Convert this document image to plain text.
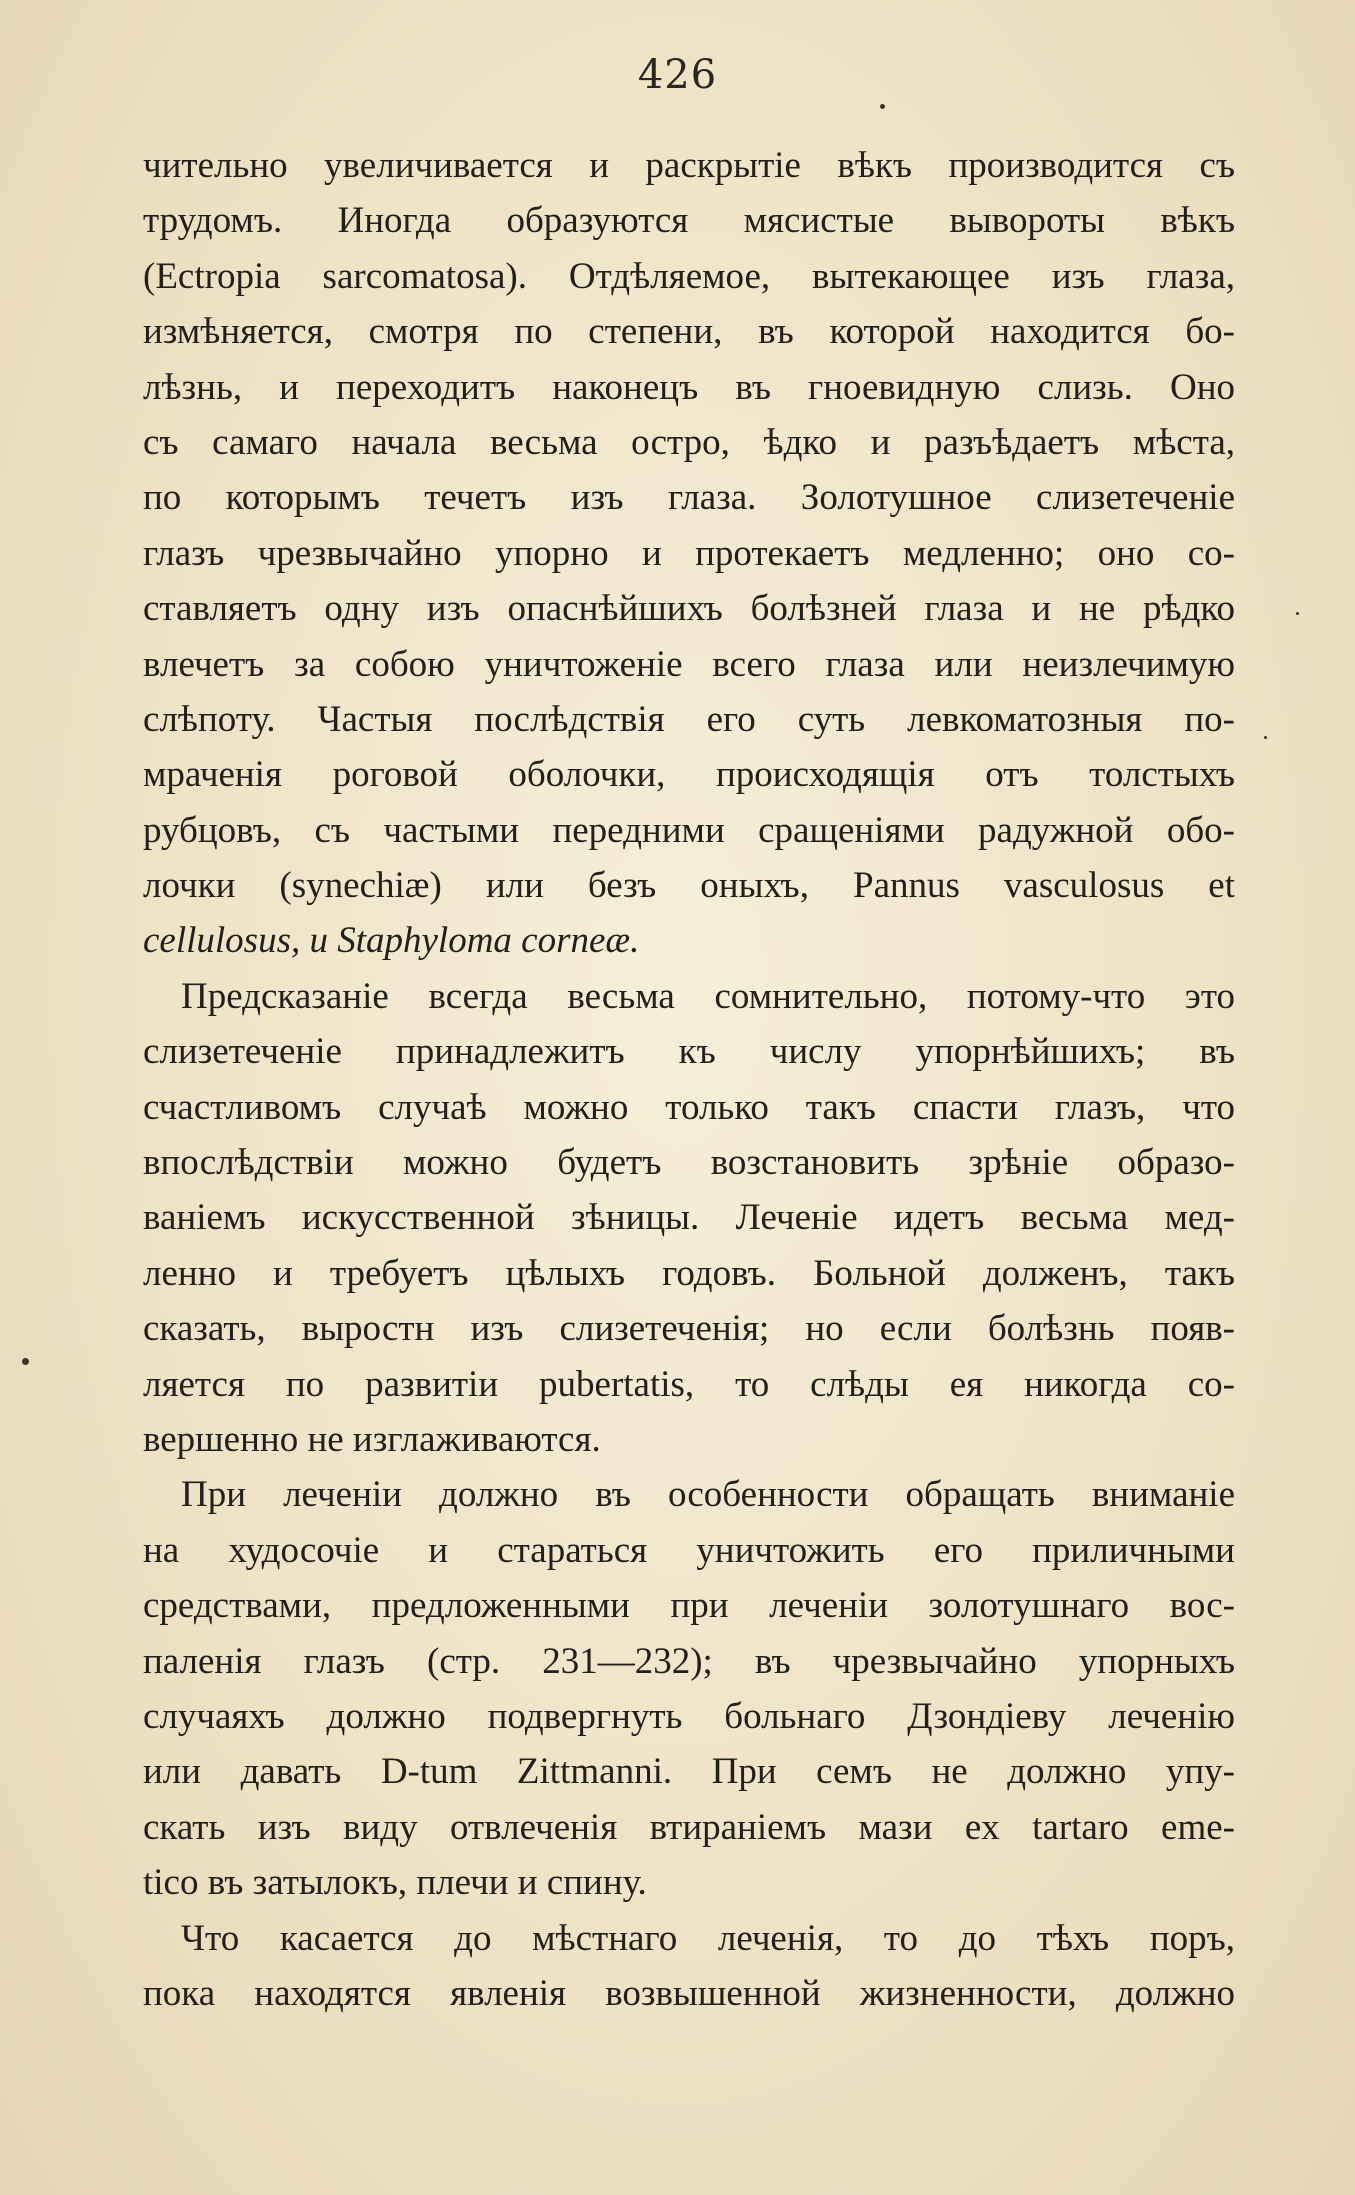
426
чительно увеличивается и раскрытіе вѣкъ производится съ
трудомъ. Иногда образуются мясистые вывороты вѣкъ
(Ectropia sarcomatosa). Отдѣляемое, вытекающее изъ глаза,
измѣняется, смотря по степени, въ которой находится бо-
лѣзнь, и переходитъ наконецъ въ гноевидную слизь. Оно
съ самаго начала весьма остро, ѣдко и разъѣдаетъ мѣста,
по которымъ течетъ изъ глаза. Золотушное слизетеченіе
глазъ чрезвычайно упорно и протекаетъ медленно; оно со-
ставляетъ одну изъ опаснѣйшихъ болѣзней глаза и не рѣдко
влечетъ за собою уничтоженіе всего глаза или неизлечимую
слѣпоту. Частыя послѣдствія его суть левкоматозныя по-
мраченія роговой оболочки, происходящія отъ толстыхъ
рубцовъ, съ частыми передними сращеніями радужной обо-
лочки (synechiæ) или безъ оныхъ, Pannus vasculosus et
cellulosus, и Staphyloma corneæ.
Предсказаніе всегда весьма сомнительно, потому-что это
слизетеченіе принадлежитъ къ числу упорнѣйшихъ; въ
счастливомъ случаѣ можно только такъ спасти глазъ, что
впослѣдствіи можно будетъ возстановить зрѣніе образо-
ваніемъ искусственной зѣницы. Леченіе идетъ весьма мед-
ленно и требуетъ цѣлыхъ годовъ. Больной долженъ, такъ
сказать, выростн изъ слизетеченія; но если болѣзнь появ-
ляется по развитіи pubertatis, то слѣды ея никогда со-
вершенно не изглаживаются.
При леченіи должно въ особенности обращать вниманіе
на худосочіе и стараться уничтожить его приличными
средствами, предложенными при леченіи золотушнаго вос-
паленія глазъ (стр. 231—232); въ чрезвычайно упорныхъ
случаяхъ должно подвергнуть больнаго Дзондіеву леченію
или давать D-tum Zittmanni. При семъ не должно упу-
скать изъ виду отвлеченія втираніемъ мази ex tartaro eme-
tico въ затылокъ, плечи и спину.
Что касается до мѣстнаго леченія, то до тѣхъ поръ,
пока находятся явленія возвышенной жизненности, должно
